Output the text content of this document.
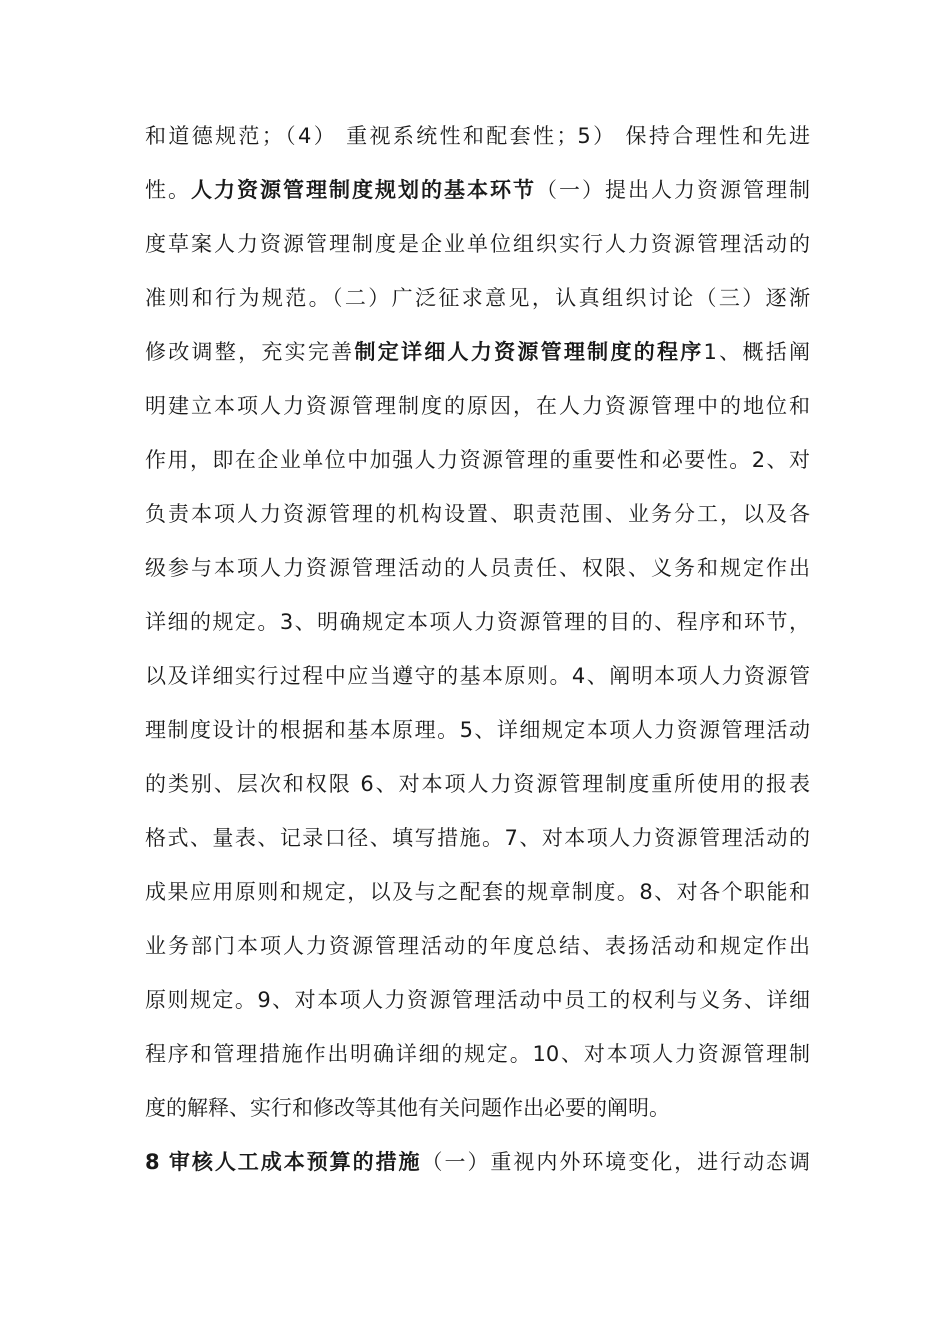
和道德规范；（4） 重视系统性和配套性；5） 保持合理性和先进
性。人力资源管理制度规划的基本环节（一）提出人力资源管理制
度草案人力资源管理制度是企业单位组织实行人力资源管理活动的
准则和行为规范。（二）广泛征求意见，认真组织讨论（三）逐渐
修改调整，充实完善制定详细人力资源管理制度的程序1、概括阐
明建立本项人力资源管理制度的原因，在人力资源管理中的地位和
作用，即在企业单位中加强人力资源管理的重要性和必要性。2、对
负责本项人力资源管理的机构设置、职责范围、业务分工，以及各
级参与本项人力资源管理活动的人员责任、权限、义务和规定作出
详细的规定。3、明确规定本项人力资源管理的目的、程序和环节，
以及详细实行过程中应当遵守的基本原则。4、阐明本项人力资源管
理制度设计的根据和基本原理。5、详细规定本项人力资源管理活动
的类别、层次和权限 6、对本项人力资源管理制度重所使用的报表
格式、量表、记录口径、填写措施。7、对本项人力资源管理活动的
成果应用原则和规定，以及与之配套的规章制度。8、对各个职能和
业务部门本项人力资源管理活动的年度总结、表扬活动和规定作出
原则规定。9、对本项人力资源管理活动中员工的权利与义务、详细
程序和管理措施作出明确详细的规定。10、对本项人力资源管理制
度的解释、实行和修改等其他有关问题作出必要的阐明。
8 审核人工成本预算的措施（一）重视内外环境变化，进行动态调
